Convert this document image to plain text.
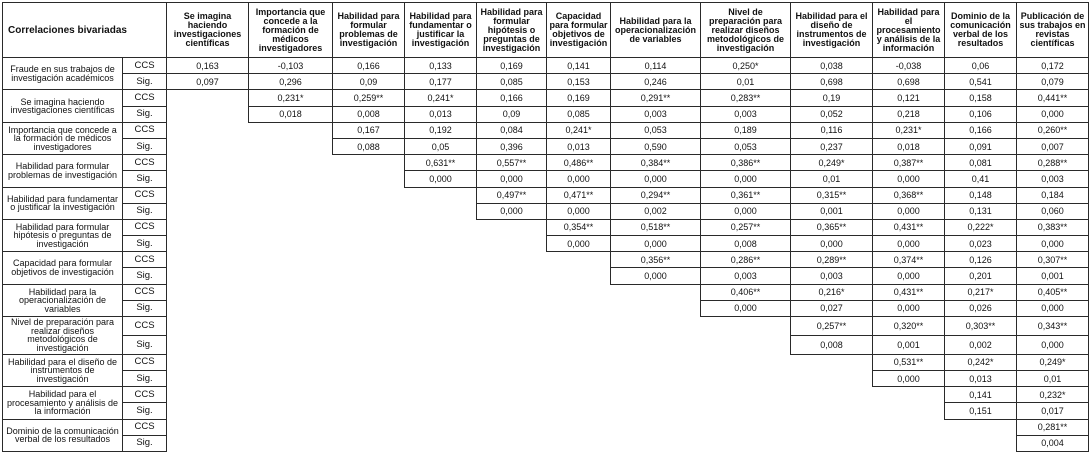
Correlaciones bivariadas		Se imagina haciendo investigaciones científicas	Importancia que concede a la formación de médicos investigadores	Habilidad para formular problemas de investigación	Habilidad para fundamentar o justificar la investigación	Habilidad para formular hipótesis o preguntas de investigación	Capacidad para formular objetivos de investigación	Habilidad para la operacionalización de variables	Nivel de preparación para realizar diseños metodológicos de investigación	Habilidad para el diseño de instrumentos de investigación	Habilidad para el procesamiento y análisis de la información	Dominio de la comunicación verbal de los resultados	Publicación de sus trabajos en revistas científicas
Fraude en sus trabajos de investigación académicos	CCS	0,163	-0,103	0,166	0,133	0,169	0,141	0,114	0,250*	0,038	-0,038	0,06	0,172
	Sig.	0,097	0,296	0,09	0,177	0,085	0,153	0,246	0,01	0,698	0,698	0,541	0,079
Se imagina haciendo investigaciones científicas	CCS		0,231*	0,259**	0,241*	0,166	0,169	0,291**	0,283**	0,19	0,121	0,158	0,441**
	Sig.		0,018	0,008	0,013	0,09	0,085	0,003	0,003	0,052	0,218	0,106	0,000
Importancia que concede a la formación de médicos investigadores	CCS			0,167	0,192	0,084	0,241*	0,053	0,189	0,116	0,231*	0,166	0,260**
	Sig.			0,088	0,05	0,396	0,013	0,590	0,053	0,237	0,018	0,091	0,007
Habilidad para formular problemas de investigación	CCS				0,631**	0,557**	0,486**	0,384**	0,386**	0,249*	0,387**	0,081	0,288**
	Sig.				0,000	0,000	0,000	0,000	0,000	0,01	0,000	0,41	0,003
Habilidad para fundamentar o justificar la investigación	CCS					0,497**	0,471**	0,294**	0,361**	0,315**	0,368**	0,148	0,184
	Sig.					0,000	0,000	0,002	0,000	0,001	0,000	0,131	0,060
Habilidad para formular hipótesis o preguntas de investigación	CCS						0,354**	0,518**	0,257**	0,365**	0,431**	0,222*	0,383**
	Sig.						0,000	0,000	0,008	0,000	0,000	0,023	0,000
Capacidad para formular objetivos de investigación	CCS							0,356**	0,286**	0,289**	0,374**	0,126	0,307**
	Sig.							0,000	0,003	0,003	0,000	0,201	0,001
Habilidad para la operacionalización de variables	CCS								0,406**	0,216*	0,431**	0,217*	0,405**
	Sig.								0,000	0,027	0,000	0,026	0,000
Nivel de preparación para realizar diseños metodológicos de investigación	CCS									0,257**	0,320**	0,303**	0,343**
	Sig.									0,008	0,001	0,002	0,000
Habilidad para el diseño de instrumentos de investigación	CCS										0,531**	0,242*	0,249*
	Sig.										0,000	0,013	0,01
Habilidad para el procesamiento y análisis de la información	CCS											0,141	0,232*
	Sig.											0,151	0,017
Dominio de la comunicación verbal de los resultados	CCS												0,281**
	Sig.												0,004
